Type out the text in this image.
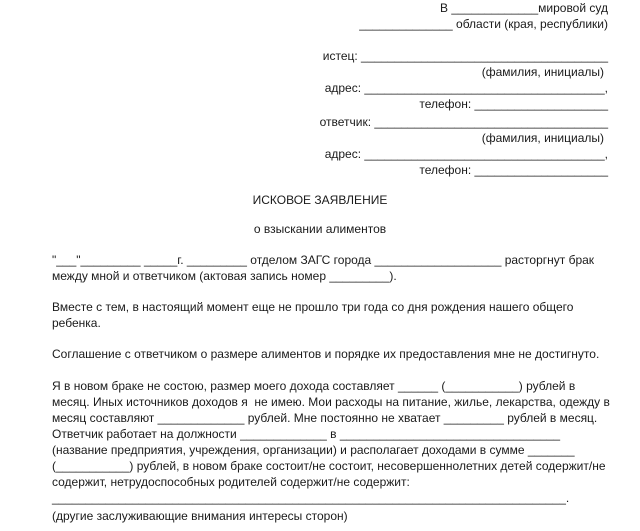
В _____________мировой суд
______________ области (края, республики)
истец: _____________________________________
(фамилия, инициалы)
адрес: ____________________________________,
телефон: ____________________
ответчик: ___________________________________
(фамилия, инициалы)
адрес: ____________________________________,
телефон: ____________________
ИСКОВОЕ ЗАЯВЛЕНИЕ
о взыскании алиментов
"___"_________ _____г. _________ отделом ЗАГС города ___________________ расторгнут брак
между мной и ответчиком (актовая запись номер _________).
Вместе с тем, в настоящий момент еще не прошло три года со дня рождения нашего общего
ребенка.
Соглашение с ответчиком о размере алиментов и порядке их предоставления мне не достигнуто.
Я в новом браке не состою, размер моего дохода составляет ______ (___________) рублей в
месяц. Иных источников доходов я  не имею. Мои расходы на питание, жилье, лекарства, одежду в
месяц составляют _____________ рублей. Мне постоянно не хватает _________ рублей в месяц.
Ответчик работает на должности _____________ в _________________________________
(название предприятия, учреждения, организации) и располагает доходами в сумме _______
(___________) рублей, в новом браке состоит/не состоит, несовершеннолетних детей содержит/не
содержит, нетрудоспособных родителей содержит/не содержит:
_____________________________________________________________________________.
(другие заслуживающие внимания интересы сторон)
